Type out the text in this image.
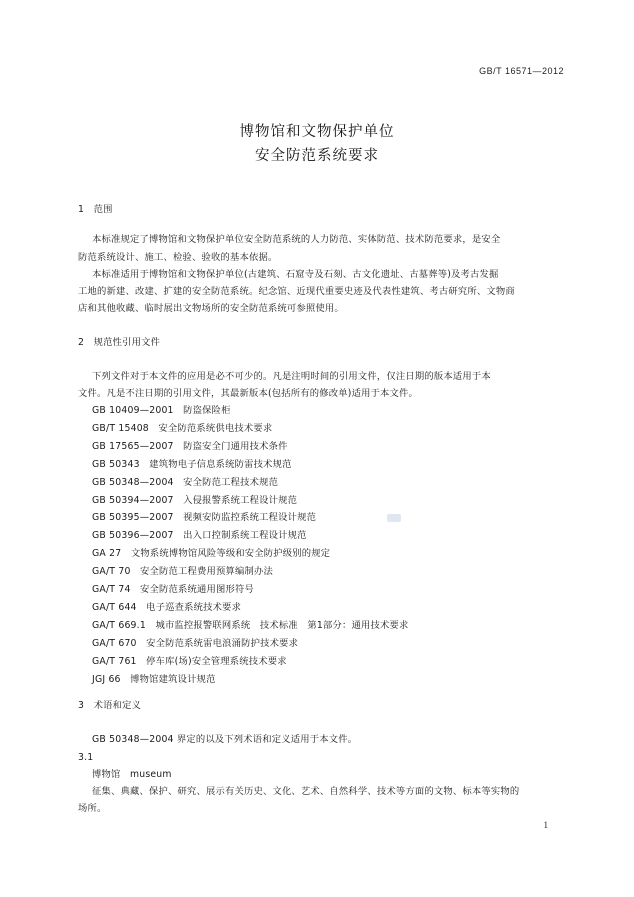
GB/T 16571—2012
博物馆和文物保护单位
安全防范系统要求
1　范围
本标准规定了博物馆和文物保护单位安全防范系统的人力防范、实体防范、技术防范要求，是安全
防范系统设计、施工、检验、验收的基本依据。
本标准适用于博物馆和文物保护单位(古建筑、石窟寺及石刻、古文化遗址、古墓葬等)及考古发掘
工地的新建、改建、扩建的安全防范系统。纪念馆、近现代重要史迹及代表性建筑、考古研究所、文物商
店和其他收藏、临时展出文物场所的安全防范系统可参照使用。
2　规范性引用文件
下列文件对于本文件的应用是必不可少的。凡是注明时间的引用文件，仅注日期的版本适用于本
文件。凡是不注日期的引用文件，其最新版本(包括所有的修改单)适用于本文件。
GB 10409—2001　防盗保险柜
GB/T 15408　安全防范系统供电技术要求
GB 17565—2007　防盗安全门通用技术条件
GB 50343　建筑物电子信息系统防雷技术规范
GB 50348—2004　安全防范工程技术规范
GB 50394—2007　入侵报警系统工程设计规范
GB 50395—2007　视频安防监控系统工程设计规范
GB 50396—2007　出入口控制系统工程设计规范
GA 27　文物系统博物馆风险等级和安全防护级别的规定
GA/T 70　安全防范工程费用预算编制办法
GA/T 74　安全防范系统通用图形符号
GA/T 644　电子巡查系统技术要求
GA/T 669.1　城市监控报警联网系统　技术标准　第1部分：通用技术要求
GA/T 670　安全防范系统雷电浪涌防护技术要求
GA/T 761　停车库(场)安全管理系统技术要求
JGJ 66　博物馆建筑设计规范
3　术语和定义
GB 50348—2004 界定的以及下列术语和定义适用于本文件。
3.1
博物馆　museum
征集、典藏、保护、研究、展示有关历史、文化、艺术、自然科学、技术等方面的文物、标本等实物的
场所。
1
